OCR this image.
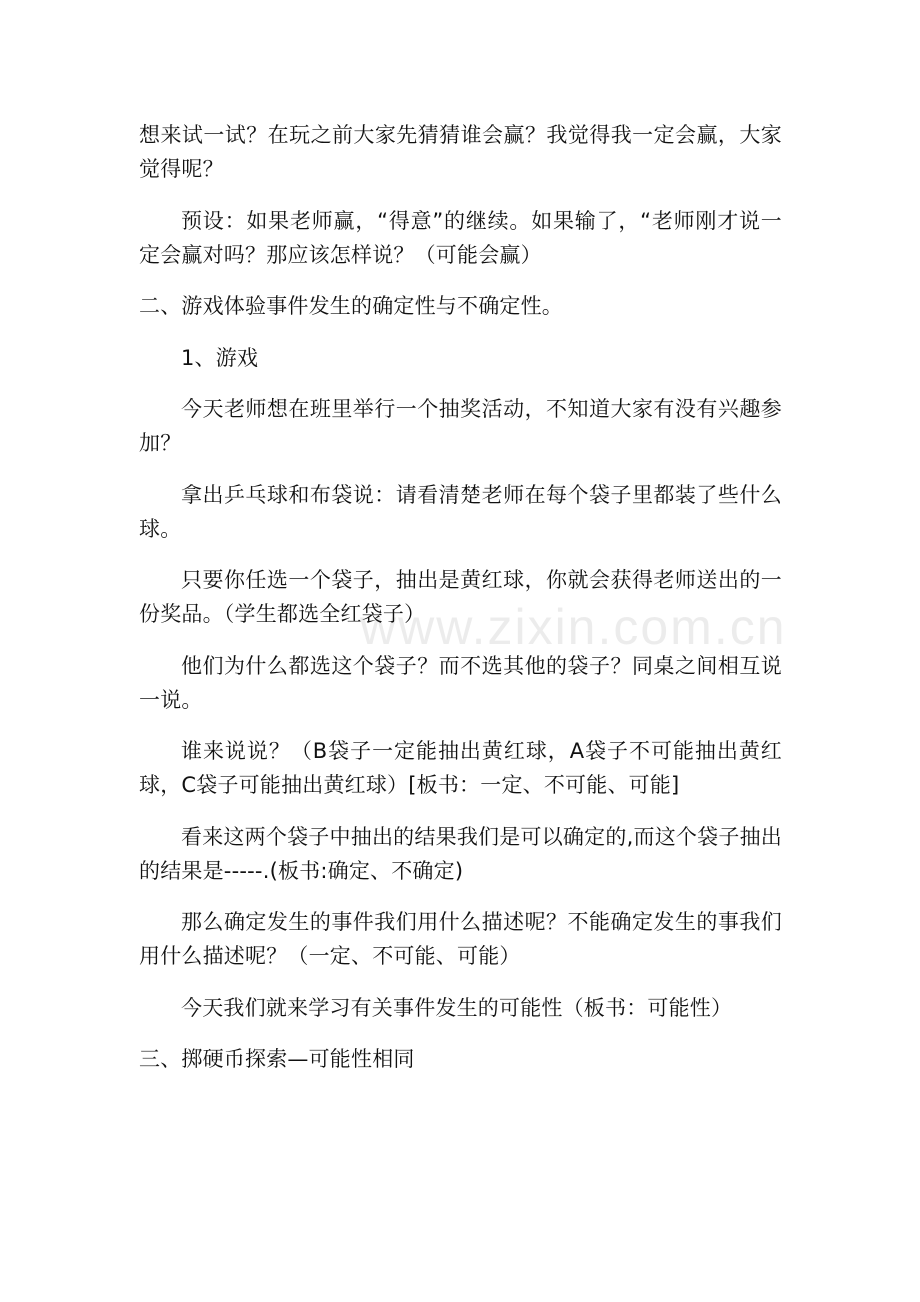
www.zixin.com.cn

想来试一试？在玩之前大家先猜猜谁会赢？我觉得我一定会赢，大家觉得呢？

预设：如果老师赢，“得意”的继续。如果输了，“老师刚才说一定会赢对吗？那应该怎样说？（可能会赢）

二、游戏体验事件发生的确定性与不确定性。

1、游戏

今天老师想在班里举行一个抽奖活动，不知道大家有没有兴趣参加？

拿出乒乓球和布袋说：请看清楚老师在每个袋子里都装了些什么球。

只要你任选一个袋子，抽出是黄红球，你就会获得老师送出的一份奖品。（学生都选全红袋子）

他们为什么都选这个袋子？而不选其他的袋子？同桌之间相互说一说。

谁来说说？（B袋子一定能抽出黄红球，A袋子不可能抽出黄红球，C袋子可能抽出黄红球）[板书：一定、不可能、可能]

看来这两个袋子中抽出的结果我们是可以确定的,而这个袋子抽出的结果是-----.(板书:确定、不确定)

那么确定发生的事件我们用什么描述呢？不能确定发生的事我们用什么描述呢？（一定、不可能、可能）

今天我们就来学习有关事件发生的可能性（板书：可能性）

三、掷硬币探索—可能性相同
